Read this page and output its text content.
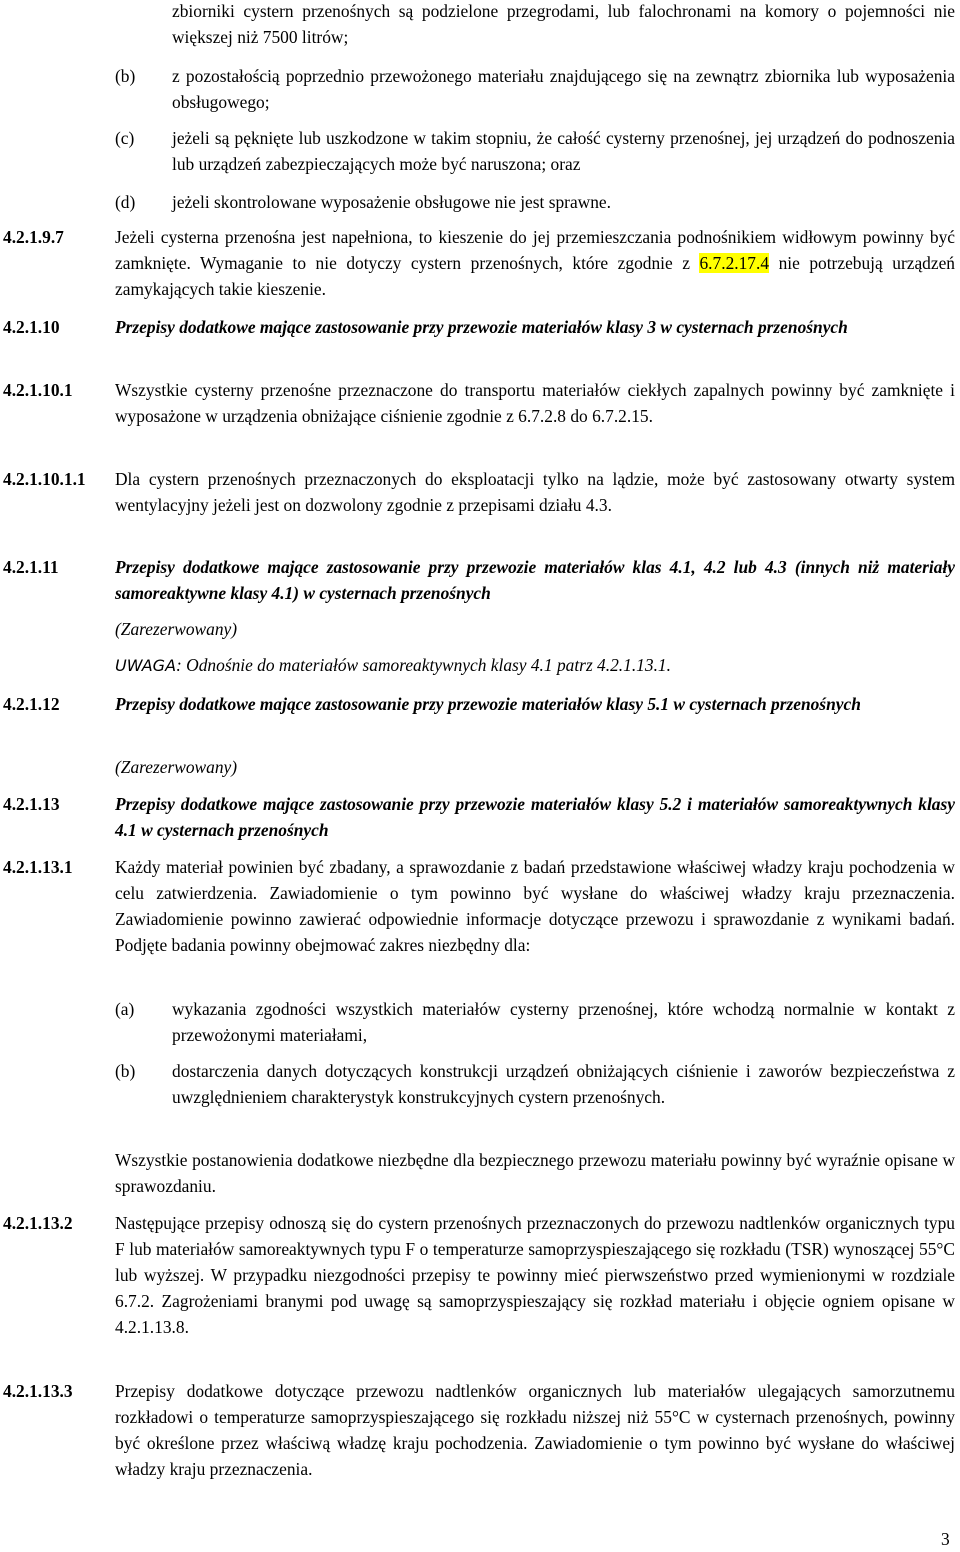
zbiorniki cystern przenośnych są podzielone przegrodami, lub falochronami na komory o pojemności nie większej niż 7500 litrów;
(b) z pozostałością poprzednio przewożonego materiału znajdującego się na zewnątrz zbiornika lub wyposażenia obsługowego;
(c) jeżeli są pęknięte lub uszkodzone w takim stopniu, że całość cysterny przenośnej, jej urządzeń do podnoszenia lub urządzeń zabezpieczających może być naruszona; oraz
(d) jeżeli skontrolowane wyposażenie obsługowe nie jest sprawne.
4.2.1.9.7	Jeżeli cysterna przenośna jest napełniona, to kieszenie do jej przemieszczania podnośnikiem widłowym powinny być zamknięte. Wymaganie to nie dotyczy cystern przenośnych, które zgodnie z 6.7.2.17.4 nie potrzebują urządzeń zamykających takie kieszenie.
4.2.1.10	Przepisy dodatkowe mające zastosowanie przy przewozie materiałów klasy 3 w cysternach przenośnych
4.2.1.10.1	Wszystkie cysterny przenośne przeznaczone do transportu materiałów ciekłych zapalnych powinny być zamknięte i wyposażone w urządzenia obniżające ciśnienie zgodnie z 6.7.2.8 do 6.7.2.15.
4.2.1.10.1.1	Dla cystern przenośnych przeznaczonych do eksploatacji tylko na lądzie, może być zastosowany otwarty system wentylacyjny jeżeli jest on dozwolony zgodnie z przepisami działu 4.3.
4.2.1.11	Przepisy dodatkowe mające zastosowanie przy przewozie materiałów klas 4.1, 4.2 lub 4.3 (innych niż materiały samoreaktywne klasy 4.1) w cysternach przenośnych
(Zarezerwowany)
UWAGA: Odnośnie do materiałów samoreaktywnych klasy 4.1 patrz 4.2.1.13.1.
4.2.1.12	Przepisy dodatkowe mające zastosowanie przy przewozie materiałów klasy 5.1 w cysternach przenośnych
(Zarezerwowany)
4.2.1.13	Przepisy dodatkowe mające zastosowanie przy przewozie materiałów klasy 5.2 i materiałów samoreaktywnych klasy 4.1 w cysternach przenośnych
4.2.1.13.1	Każdy materiał powinien być zbadany, a sprawozdanie z badań przedstawione właściwej władzy kraju pochodzenia w celu zatwierdzenia. Zawiadomienie o tym powinno być wysłane do właściwej władzy kraju przeznaczenia. Zawiadomienie powinno zawierać odpowiednie informacje dotyczące przewozu i sprawozdanie z wynikami badań. Podjęte badania powinny obejmować zakres niezbędny dla:
(a) wykazania zgodności wszystkich materiałów cysterny przenośnej, które wchodzą normalnie w kontakt z przewożonymi materiałami,
(b) dostarczenia danych dotyczących konstrukcji urządzeń obniżających ciśnienie i zaworów bezpieczeństwa z uwzględnieniem charakterystyk konstrukcyjnych cystern przenośnych.
Wszystkie postanowienia dodatkowe niezbędne dla bezpiecznego przewozu materiału powinny być wyraźnie opisane w sprawozdaniu.
4.2.1.13.2	Następujące przepisy odnoszą się do cystern przenośnych przeznaczonych do przewozu nadtlenków organicznych typu F lub materiałów samoreaktywnych typu F o temperaturze samoprzyspieszającego się rozkładu (TSR) wynoszącej 55°C lub wyższej. W przypadku niezgodności przepisy te powinny mieć pierwszeństwo przed wymienionymi w rozdziale 6.7.2. Zagrożeniami branymi pod uwagę są samoprzyspieszający się rozkład materiału i objęcie ogniem opisane w 4.2.1.13.8.
4.2.1.13.3	Przepisy dodatkowe dotyczące przewozu nadtlenków organicznych lub materiałów ulegających samorzutnemu rozkładowi o temperaturze samoprzyspieszającego się rozkładu niższej niż 55°C w cysternach przenośnych, powinny być określone przez właściwą władzę kraju pochodzenia. Zawiadomienie o tym powinno być wysłane do właściwej władzy kraju przeznaczenia.
3
